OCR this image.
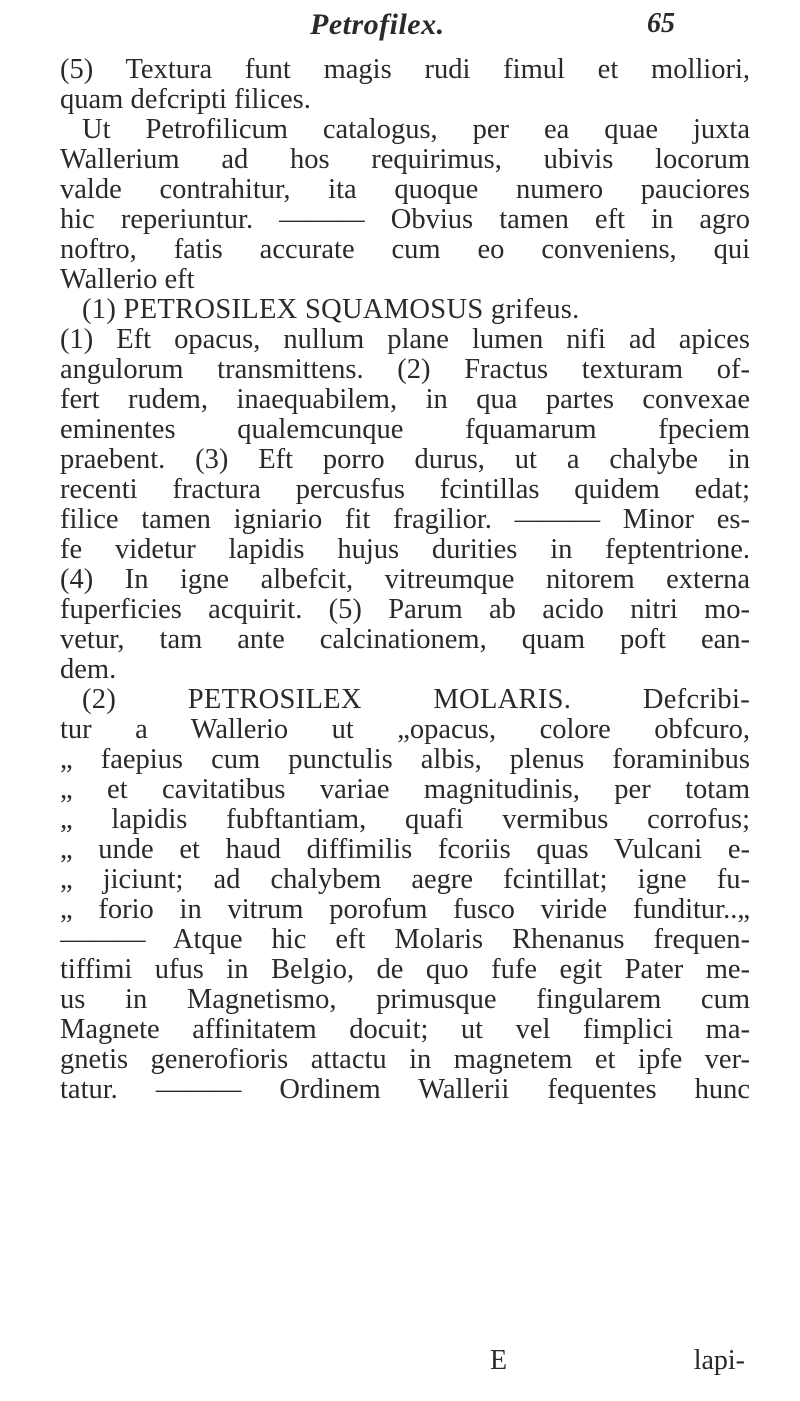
Petrofilex.	65
(5) Textura funt magis rudi fimul et molliori,
quam defcripti filices.
Ut Petrofilicum catalogus, per ea quae juxta
Wallerium ad hos requirimus, ubivis locorum
valde contrahitur, ita quoque numero pauciores
hic reperiuntur. ——— Obvius tamen eft in agro
noftro, fatis accurate cum eo conveniens, qui
Wallerio eft
(1) PETROSILEX SQUAMOSUS grifeus.
(1) Eft opacus, nullum plane lumen nifi ad apices
angulorum transmittens. (2) Fractus texturam of-
fert rudem, inaequabilem, in qua partes convexae
eminentes qualemcunque fquamarum fpeciem
praebent. (3) Eft porro durus, ut a chalybe in
recenti fractura percusfus fcintillas quidem edat;
filice tamen igniario fit fragilior. ——— Minor es-
fe videtur lapidis hujus durities in feptentrione.
(4) In igne albefcit, vitreumque nitorem externa
fuperficies acquirit. (5) Parum ab acido nitri mo-
vetur, tam ante calcinationem, quam poft ean-
dem.
(2) PETROSILEX MOLARIS. Defcribi-
tur a Wallerio ut „opacus, colore obfcuro,
„ faepius cum punctulis albis, plenus foraminibus
„ et cavitatibus variae magnitudinis, per totam
„ lapidis fubftantiam, quafi vermibus corrofus;
„ unde et haud diffimilis fcoriis quas Vulcani e-
„ jiciunt; ad chalybem aegre fcintillat; igne fu-
„ forio in vitrum porofum fusco viride funditur..„
——— Atque hic eft Molaris Rhenanus frequen-
tiffimi ufus in Belgio, de quo fufe egit Pater me-
us in Magnetismo, primusque fingularem cum
Magnete affinitatem docuit; ut vel fimplici ma-
gnetis generofioris attactu in magnetem et ipfe ver-
tatur. ——— Ordinem Wallerii fequentes hunc
E	lapi-
